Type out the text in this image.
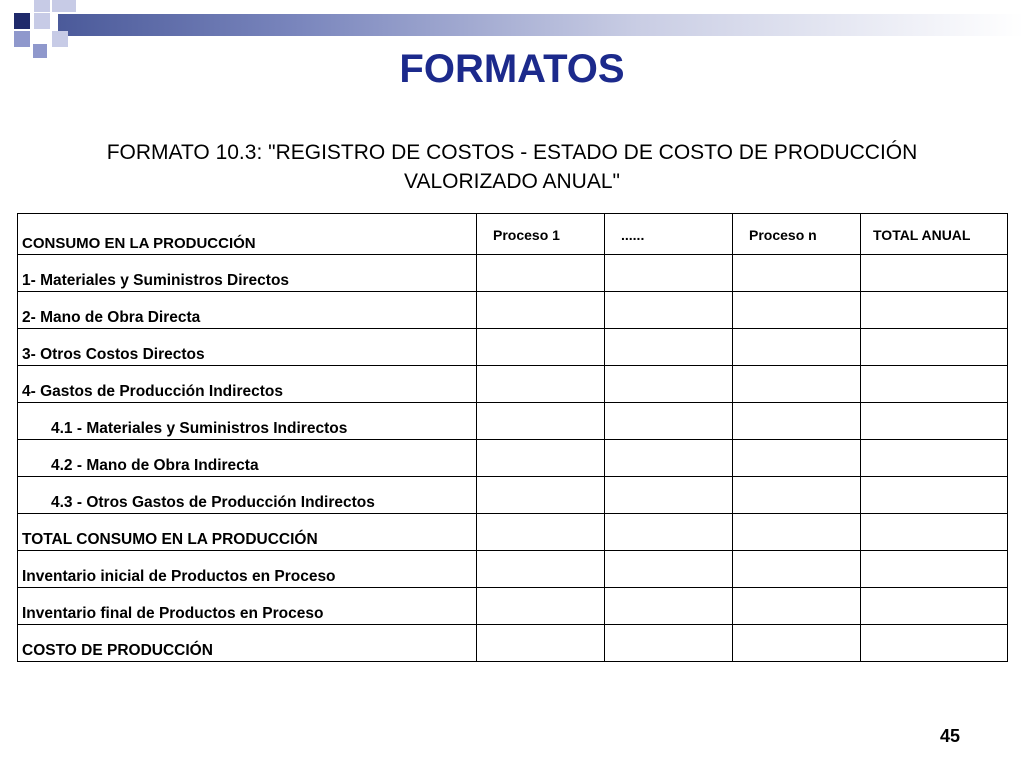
FORMATOS
FORMATO 10.3: "REGISTRO DE COSTOS - ESTADO DE COSTO DE PRODUCCIÓN
VALORIZADO ANUAL"
CONSUMO EN LA PRODUCCIÓN	Proceso 1	......	Proceso n	TOTAL ANUAL
1- Materiales y Suministros Directos				
2- Mano de Obra Directa				
3- Otros Costos Directos				
4- Gastos de Producción Indirectos				
4.1 - Materiales y Suministros Indirectos				
4.2 - Mano de Obra Indirecta				
4.3 - Otros Gastos de Producción Indirectos				
TOTAL CONSUMO EN LA PRODUCCIÓN				
Inventario inicial de Productos en Proceso				
Inventario final de Productos en Proceso				
COSTO DE PRODUCCIÓN				
45
